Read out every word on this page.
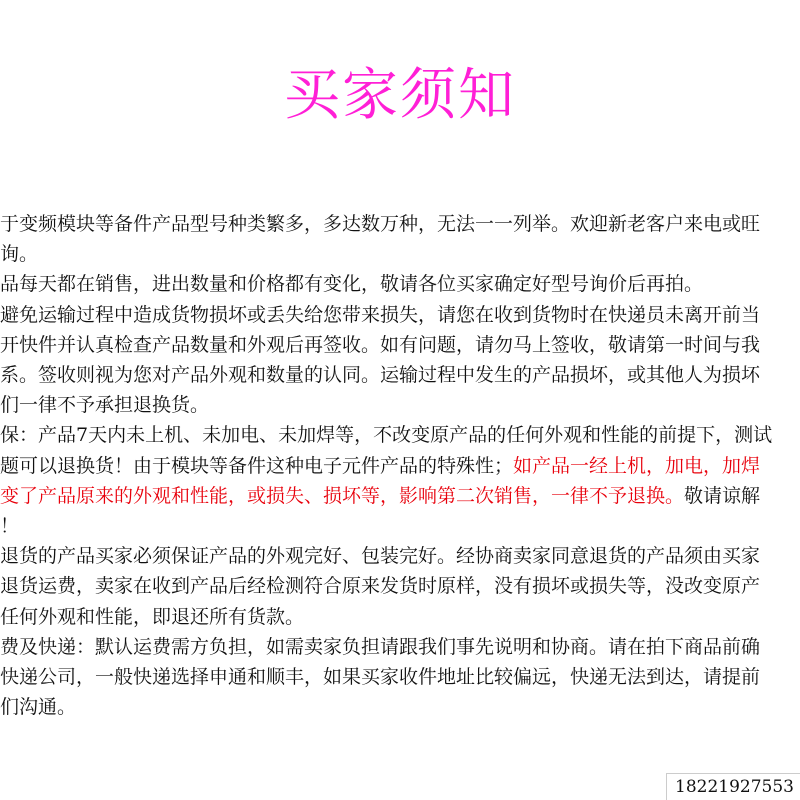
买家须知
于变频模块等备件产品型号种类繁多，多达数万种，无法一一列举。欢迎新老客户来电或旺
询。
品每天都在销售，进出数量和价格都有变化，敬请各位买家确定好型号询价后再拍。
避免运输过程中造成货物损坏或丢失给您带来损失，请您在收到货物时在快递员未离开前当
开快件并认真检查产品数量和外观后再签收。如有问题，请勿马上签收，敬请第一时间与我
系。签收则视为您对产品外观和数量的认同。运输过程中发生的产品损坏，或其他人为损坏
们一律不予承担退换货。
保：产品7天内未上机、未加电、未加焊等，不改变原产品的任何外观和性能的前提下，测试
题可以退换货！由于模块等备件这种电子元件产品的特殊性；如产品一经上机，加电，加焊
变了产品原来的外观和性能，或损失、损坏等，影响第二次销售，一律不予退换。敬请谅解
！
退货的产品买家必须保证产品的外观完好、包装完好。经协商卖家同意退货的产品须由买家
退货运费，卖家在收到产品后经检测符合原来发货时原样，没有损坏或损失等，没改变原产
任何外观和性能，即退还所有货款。
费及快递：默认运费需方负担，如需卖家负担请跟我们事先说明和协商。请在拍下商品前确
快递公司，一般快递选择申通和顺丰，如果买家收件地址比较偏远，快递无法到达，请提前
们沟通。
18221927553
